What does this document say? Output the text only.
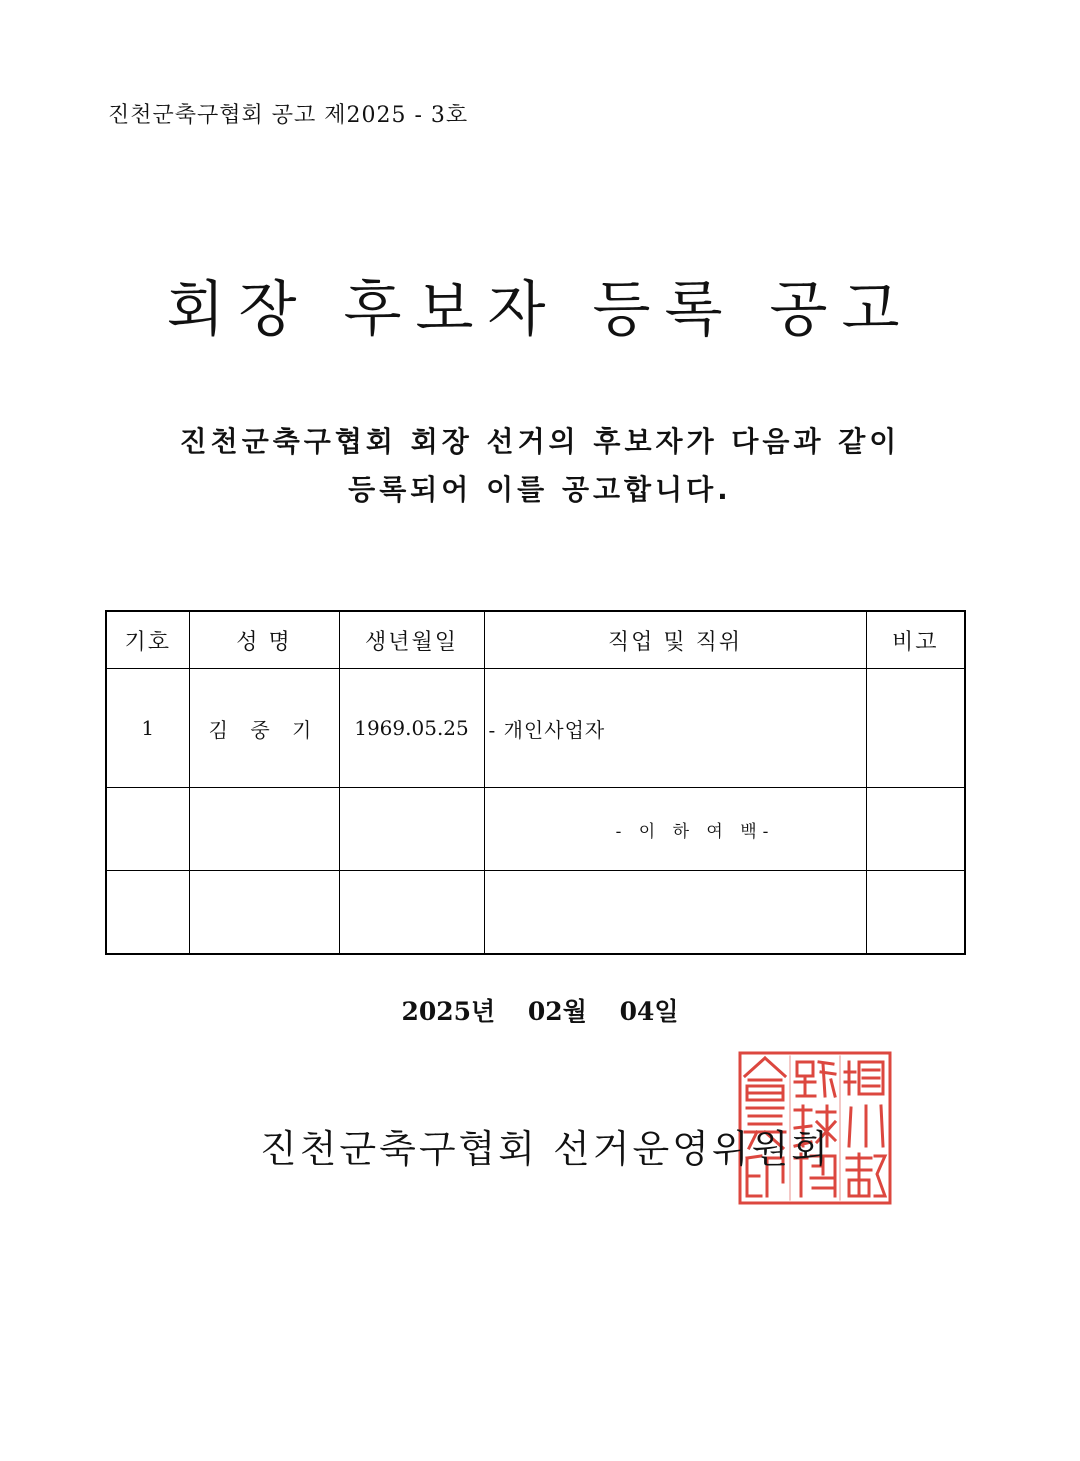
진천군축구협회 공고 제2025 - 3호
회장 후보자 등록 공고
진천군축구협회 회장 선거의 후보자가 다음과 같이
등록되어 이를 공고합니다.
기호	성 명	생년월일	직업 및 직위	비고
1	김 중 기	1969.05.25	- 개인사업자	
			- 이 하 여 백-	

2025년 02월 04일
진천군축구협회 선거운영위원회
